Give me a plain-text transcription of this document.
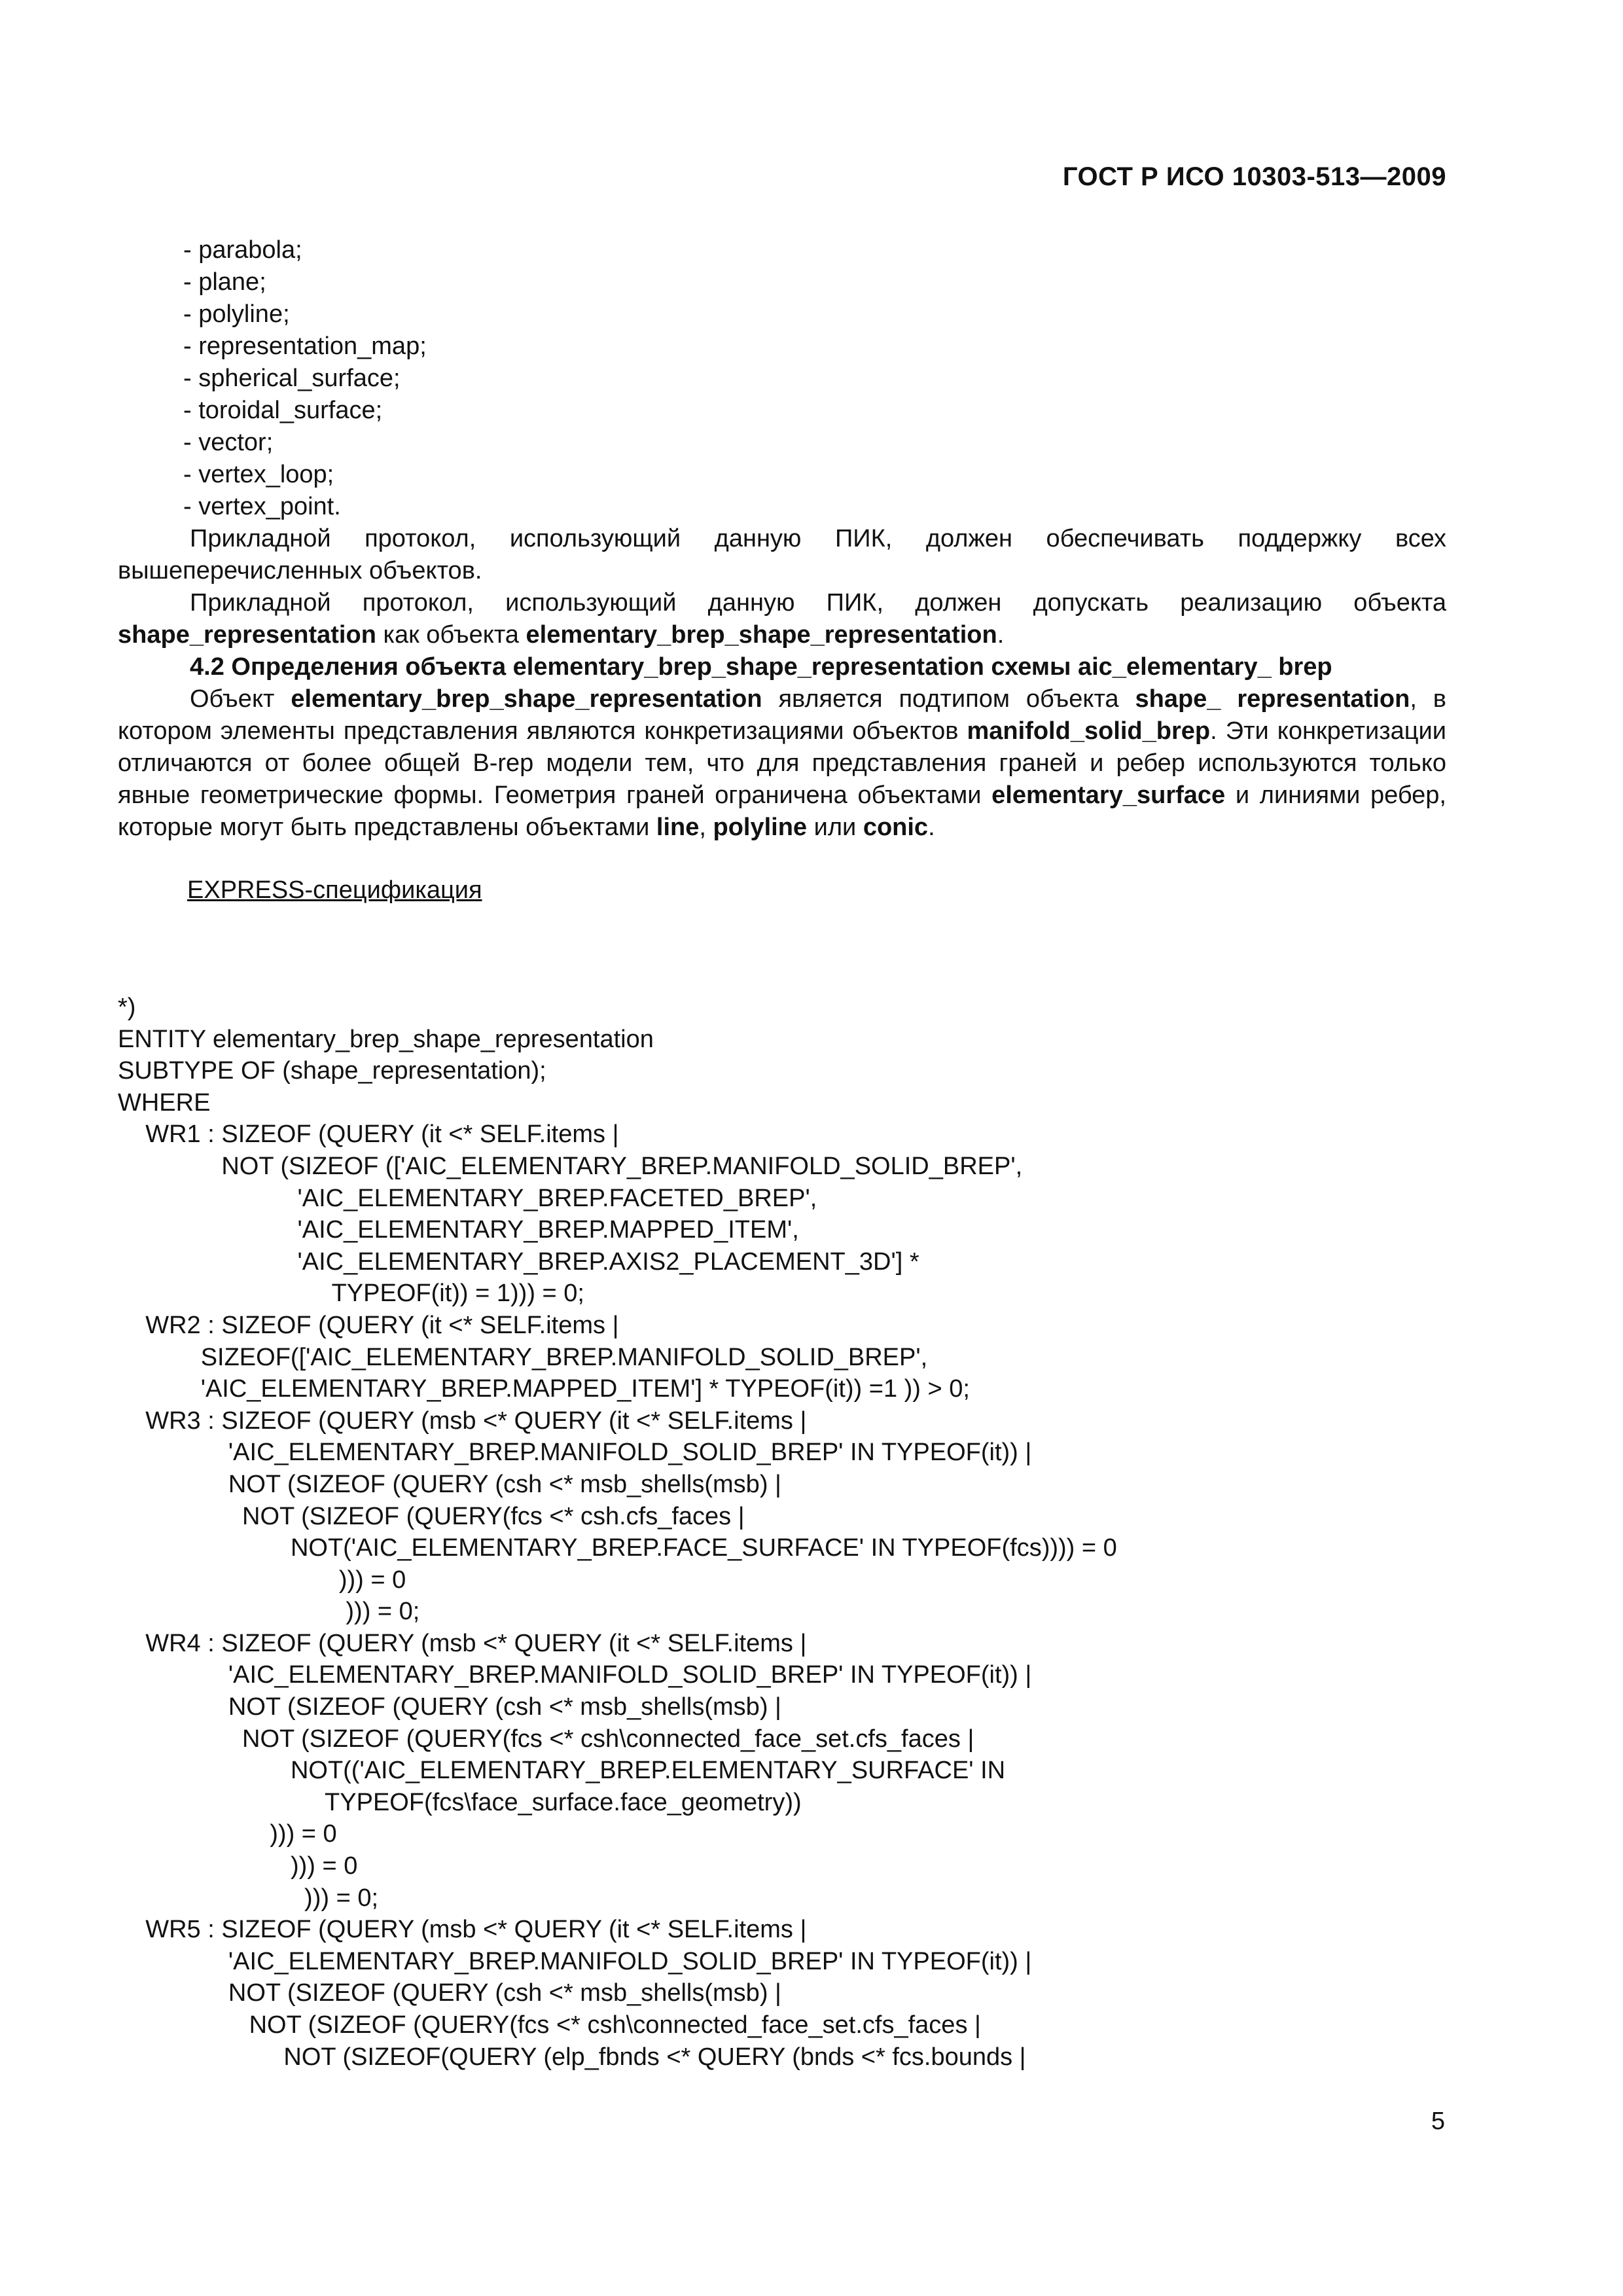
ГОСТ Р ИСО 10303-513—2009
- parabola;
- plane;
- polyline;
- representation_map;
- spherical_surface;
- toroidal_surface;
- vector;
- vertex_loop;
- vertex_point.

Прикладной протокол, использующий данную ПИК, должен обеспечивать поддержку всех вышеперечисленных объектов.

Прикладной протокол, использующий данную ПИК, должен допускать реализацию объекта shape_representation как объекта elementary_brep_shape_representation.

4.2 Определения объекта elementary_brep_shape_representation схемы aic_elementary_ brep

Объект elementary_brep_shape_representation является подтипом объекта shape_ representation, в котором элементы представления являются конкретизациями объектов manifold_solid_brep. Эти конкретизации отличаются от более общей B-rep модели тем, что для представления граней и ребер используются только явные геометрические формы. Геометрия граней ограничена объектами elementary_surface и линиями ребер, которые могут быть представлены объектами line, polyline или conic.

EXPRESS-спецификация

*)
ENTITY elementary_brep_shape_representation
SUBTYPE OF (shape_representation);
WHERE
WR1 : SIZEOF (QUERY (it <* SELF.items |
NOT (SIZEOF (['AIC_ELEMENTARY_BREP.MANIFOLD_SOLID_BREP',
'AIC_ELEMENTARY_BREP.FACETED_BREP',
'AIC_ELEMENTARY_BREP.MAPPED_ITEM',
'AIC_ELEMENTARY_BREP.AXIS2_PLACEMENT_3D'] *
TYPEOF(it)) = 1))) = 0;
WR2 : SIZEOF (QUERY (it <* SELF.items |
SIZEOF(['AIC_ELEMENTARY_BREP.MANIFOLD_SOLID_BREP',
'AIC_ELEMENTARY_BREP.MAPPED_ITEM'] * TYPEOF(it)) =1 )) > 0;
WR3 : SIZEOF (QUERY (msb <* QUERY (it <* SELF.items |
'AIC_ELEMENTARY_BREP.MANIFOLD_SOLID_BREP' IN TYPEOF(it)) |
NOT (SIZEOF (QUERY (csh <* msb_shells(msb) |
NOT (SIZEOF (QUERY(fcs <* csh.cfs_faces |
NOT('AIC_ELEMENTARY_BREP.FACE_SURFACE' IN TYPEOF(fcs)))) = 0
))) = 0
))) = 0;
WR4 : SIZEOF (QUERY (msb <* QUERY (it <* SELF.items |
'AIC_ELEMENTARY_BREP.MANIFOLD_SOLID_BREP' IN TYPEOF(it)) |
NOT (SIZEOF (QUERY (csh <* msb_shells(msb) |
NOT (SIZEOF (QUERY(fcs <* csh\connected_face_set.cfs_faces |
NOT(('AIC_ELEMENTARY_BREP.ELEMENTARY_SURFACE' IN
TYPEOF(fcs\face_surface.face_geometry))
))) = 0
))) = 0
))) = 0;
WR5 : SIZEOF (QUERY (msb <* QUERY (it <* SELF.items |
'AIC_ELEMENTARY_BREP.MANIFOLD_SOLID_BREP' IN TYPEOF(it)) |
NOT (SIZEOF (QUERY (csh <* msb_shells(msb) |
NOT (SIZEOF (QUERY(fcs <* csh\connected_face_set.cfs_faces |
NOT (SIZEOF(QUERY (elp_fbnds <* QUERY (bnds <* fcs.bounds |
5
